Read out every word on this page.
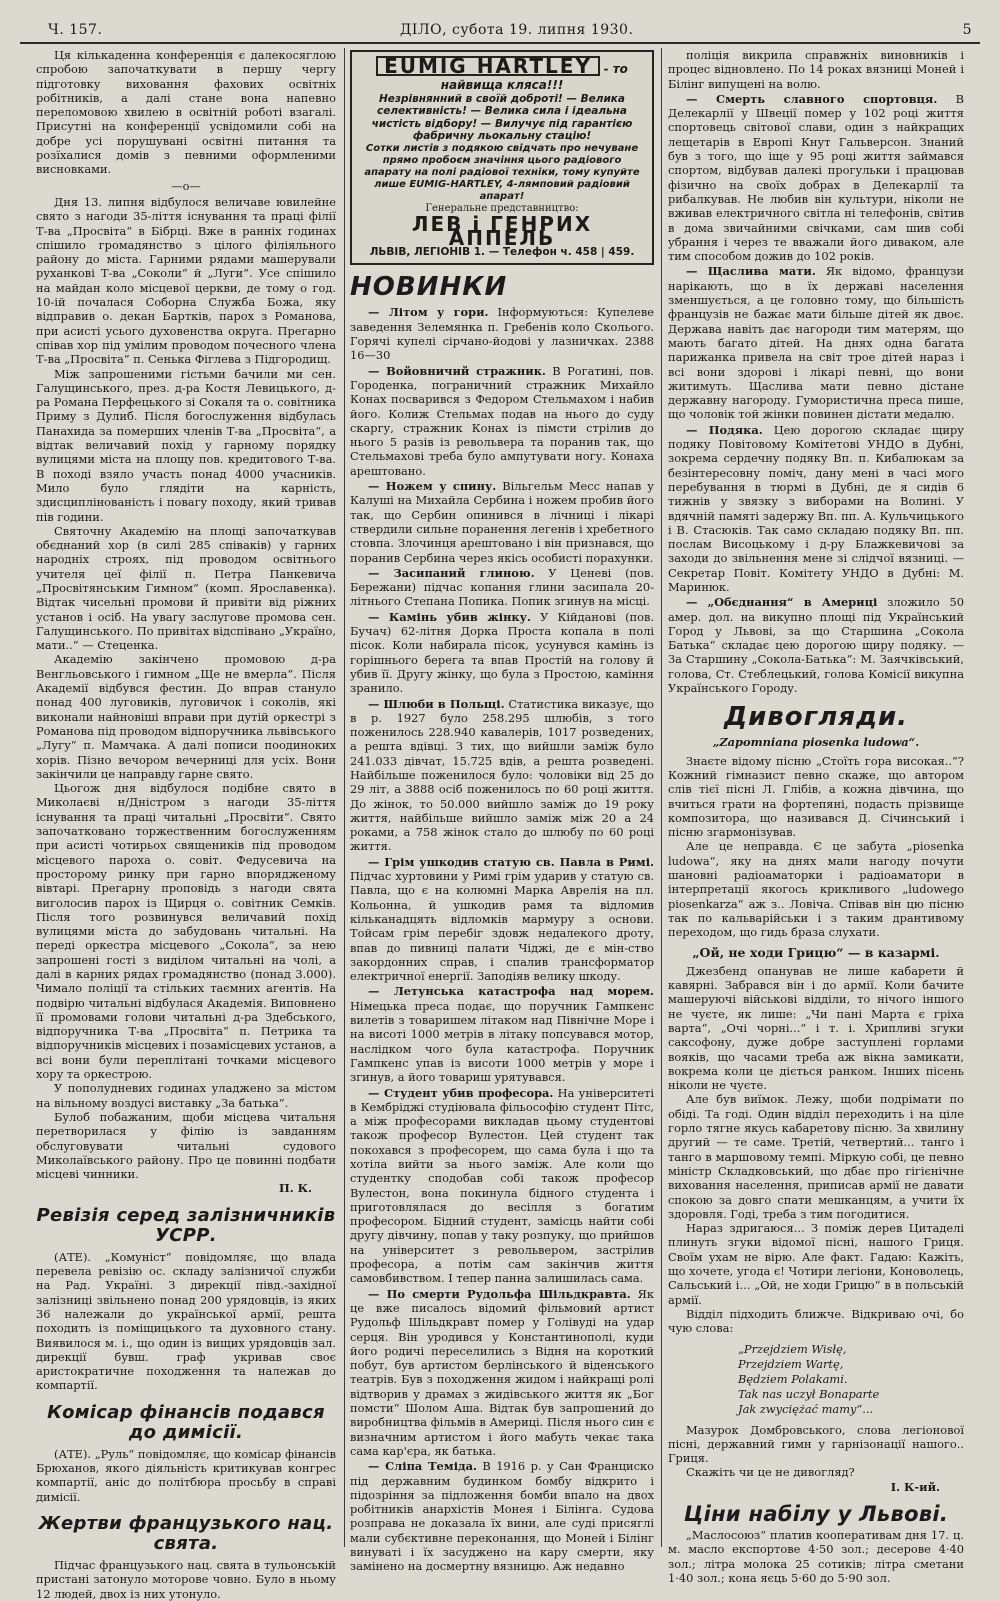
Ч. 157.	ДІЛО, субота 19. липня 1930.	5

Ця кількаденна конференція є далекосяглою спробою започаткувати в першу чергу підготовку виховання фахових освітніх робітників, а далі стане вона напевно переломовою хвилею в освітній роботі взагалі. Присутні на конференції усвідомили собі на добре усі порушувані освітні питання та розїхалися домів з певними оформленими висновками.

—о—

Дня 13. липня відбулося величаве ювилейне свято з нагоди 35-ліття існування та праці філії Т-ва „Просвіта“ в Бібрці. Вже в ранніх годинах спішило громадянство з цілого філіяльного району до міста. Гарними рядами машерували руханкові Т-ва „Соколи“ й „Луги“. Усе спішило на майдан коло місцевої церкви, де тому о год. 10-ій почалася Соборна Служба Божа, яку відправив о. декан Бартків, парох з Романова, при асисті усього духовенства округа. Прегарно співав хор під умілим проводом почесного члена Т-ва „Просвіта“ п. Сенька Фіглева з Підгородищ.

Між запрошеними гістьми бачили ми сен. Галущинського, през. д-ра Костя Левицького, д-ра Романа Перфецького зі Сокаля та о. совітника Приму з Дулиб. Після богослуження відбулась Панахида за померших членів Т-ва „Просвіта“, а відтак величавий похід у гарному порядку вулицями міста на площу пов. кредитового Т-ва. В поході взяло участь понад 4000 учасників. Мило було глядіти на карність, здисциплінованість і повагу походу, який тривав пів години.

Святочну Академію на площі започаткував обєднаний хор (в силі 285 співаків) у гарних народніх строях, під проводом освітнього учителя цеї філії п. Петра Панкевича „Просвітянським Гимном“ (комп. Ярославенка). Відтак чисельні промови й привіти від ріжних установ і осіб. На увагу заслугове промова сен. Галущинського. По привітах відспівано „Україно, мати..“ — Стеценка.

Академію закінчено промовою д-ра Венгльовського і гимном „Ще не вмерла“. Після Академії відбувся фестин. До вправ стануло понад 400 луговиків, луговичок і соколів, які виконали найновіші вправи при дутій оркестрі з Романова під проводом відпоручника львівського „Лугу“ п. Мамчака. А далі пописи поодиноких хорів. Пізно вечором вечерниці для усіх. Вони закінчили це направду гарне свято.

Цьогож дня відбулося подібне свято в Миколаєві н/Дністром з нагоди 35-ліття існування та праці читальні „Просвіти“. Свято започатковано торжественним богослуженням при асисті чотирьох священиків під проводом місцевого пароха о. совіт. Федусевича на просторому ринку при гарно впорядженому вівтарі. Прегарну проповідь з нагоди свята виголосив парох із Щирця о. совітник Семків. Після того розвинувся величавий похід вулицями міста до забудовань читальні. На переді оркестра місцевого „Сокола“, за нею запрошені гості з виділом читальні на чолі, а далі в карних рядах громадянство (понад 3.000). Чимало поліції та стільких таємних агентів. На подвірю читальні відбулася Академія. Виповнено її промовами голови читальні д-ра Здебського, відпоручника Т-ва „Просвіта“ п. Петрика та відпоручників місцевих і позамісцевих установ, а всі вони були переплітані точками місцевого хору та оркестрою.

У пополудневих годинах уладжено за містом на вільному воздусі виставку „За батька“.

Булоб побажаним, щоби місцева читальня перетворилася у філію із завданням обслуговувати читальні судового Миколаївського району. Про це повинні подбати місцеві чинники.

П. К.

Ревізія серед залізничників УСРР.

(АТЕ). „Комуніст“ повідомляє, що влада перевела ревізію ос. складу залізничої служби на Рад. Україні. З дирекції півд.-західної залізниці звільнено понад 200 урядовців, із яких 36 належали до української армії, решта походить із поміщицького та духовного стану. Виявилося м. і., що один із вищих урядовців зал. дирекції бувш. граф укривав своє аристократичне походження та належав до компартії.

Комісар фінансів подався до димісії.

(АТЕ). „Руль“ повідомляє, що комісар фінансів Брюханов, якого діяльність критикував конгрес компартії, аніс до політбюра просьбу в справі димісії.

Жертви французького нац. свята.

Підчас французького нац. свята в тульонській пристані затонуло моторове човно. Було в ньому 12 людей, двох із них утонуло.

EUMIG HARTLEY - то найвища кляса!!!
Незрівнянний в своїй доброті! — Велика селективність! — Велика сила і ідеальна чистість відбору! — Вилучує під гарантією фабричну льокальну стацію!
Сотки листів з подякою свідчать про нечуване прямо пробоєм значіння цього радіового апарату на полі радіової техніки, тому купуйте лише EUMIG-HARTLEY, 4-лямповий радіовий апарат!
Генеральне представництво:
ЛЕВ і ГЕНРИХ АППЕЛЬ
ЛЬВІВ, ЛЕГІОНІВ 1. — Телефон ч. 458 | 459.
НОВИНКИ

— Літом у гори. Інформуються: Купелеве заведення Зелемянка п. Гребенів коло Сколього. Горячі купелі сірчано-йодові у лазничках. 2388 16—30

— Войовничий стражник. В Рогатині, пов. Городенка, пограничний стражник Михайло Конах посварився з Федором Стельмахом і набив його. Колиж Стельмах подав на нього до суду скаргу, стражник Конах із пімсти стрілив до нього 5 разів із револьвера та поранив так, що Стельмахові треба було ампутувати ногу. Конаха арештовано.

— Ножем у спину. Вільгельм Месс напав у Калуші на Михайла Сербина і ножем пробив його так, що Сербин опинився в лічниці і лікарі ствердили сильне поранення легенів і хребетного стовпа. Злочинця арештовано і він признався, що поранив Сербина через якісь особисті порахунки.

— Засипаний глиною. У Ценеві (пов. Бережани) підчас копання глини засипала 20-літнього Степана Попика. Попик згинув на місці.

— Камінь убив жінку. У Кійданові (пов. Бучач) 62-літня Дорка Проста копала в полі пісок. Коли набирала пісок, усунувся камінь із горішнього берега та впав Простій на голову й убив її. Другу жінку, що була з Простою, каміння зранило.

— Шлюби в Польщі. Статистика виказує, що в р. 1927 було 258.295 шлюбів, з того поженилось 228.940 кавалерів, 1017 розведених, а решта вдівці. З тих, що вийшли заміж було 241.033 дівчат, 15.725 вдів, а решта розведені. Найбільше поженилося було: чоловіки від 25 до 29 літ, а 3888 осіб поженилось по 60 році життя. До жінок, то 50.000 вийшло заміж до 19 року життя, найбільше вийшло заміж між 20 а 24 роками, а 758 жінок стало до шлюбу по 60 році життя.

— Грім ушкодив статую св. Павла в Римі. Підчас хуртовини у Римі грім ударив у статую св. Павла, що є на колюмні Марка Аврелія на пл. Кольонна, й ушкодив рамя та відломив кільканадцять відломків мармуру з основи. Тойсам грім перебіг здовж недалекого дроту, впав до пивниці палати Чіджі, де є мін-ство закордонних справ, і спалив трансформатор електричної енергії. Заподіяв велику шкоду.

— Летунська катастрофа над морем. Німецька преса подає, що поручник Гампкенс вилетів з товаришем літаком над Північне Море і на висоті 1000 метрів в літаку попсувався мотор, наслідком чого була катастрофа. Поручник Гампкенс упав із висоти 1000 метрів у море і згинув, а його товариш урятувався.

— Студент убив професора. На університеті в Кембріджі студіювала фільософію студент Пітс, а між професорами викладав цьому студентові також професор Вулестон. Цей студент так покохався з професорем, що сама була і що та хотіла вийти за нього заміж. Але коли що студентку сподобав собі також професор Вулестон, вона покинула бідного студента і приготовлялася до весілля з богатим професором. Бідний студент, замісць найти собі другу дівчину, попав у таку розпуку, що прийшов на університет з револьвером, застрілив професора, а потім сам закінчив життя самовбивством. І тепер панна залишилась сама.

— По смерти Рудольфа Шільдкравта. Як це вже писалось відомий фільмовий артист Рудольф Шільдкравт помер у Голівуді на удар серця. Він уродився у Константинополі, куди його родичі переселились з Відня на короткий побут, був артистом берлінського й віденського театрів. Був з походження жидом і найкращі ролі відтворив у драмах з жидівського життя як „Бог помсти“ Шолом Аша. Відтак був запрошений до виробництва фільмів в Америці. Після нього син є визначним артистом і його мабуть чекає така сама кар'єра, як батька.

— Сліпа Теміда. В 1916 р. у Сан Франциско під державним будинком бомбу відкрито і підозріння за підложення бомби впало на двох робітників анархістів Монея і Білінга. Судова розправа не доказала їх вини, але суді присяглі мали субєктивне переконання, що Моней і Білінг винуваті і їх засуджено на кару смерти, яку замінено на досмертну вязницю. Аж недавно

поліція викрила справжніх виновників і процес відновлено. По 14 роках вязниці Моней і Білінг випущені на волю.

— Смерть славного спортовця. В Делекарлії у Швеції помер у 102 році життя спортовець світової слави, один з найкращих лещетарів в Европі Кнут Гальверсон. Знаний був з того, що іще у 95 році життя займався спортом, відбував далекі прогульки і працював фізично на своїх добрах в Делекарлії та рибалкував. Не любив він культури, ніколи не вживав електричного світла ні телефонів, світив в дома звичайними свічками, сам шив собі убрання і через те вважали його дивaком, але тим способом дожив до 102 років.

— Щаслива мати. Як відомо, французи нарікають, що в їх державі населення зменшується, а це головно тому, що більшість французів не бажає мати більше дітей як двоє. Держава навіть дає нагороди тим матерям, що мають багато дітей. На днях одна багата парижанка привела на світ трое дітей нараз і всі вони здорові і лікарі певні, що вони житимуть. Щаслива мати певно дістане державну нагороду. Гумористична преса пише, що чоловік той жінки повинен дістати медалю.

— Подяка. Цею дорогою складає щиру подяку Повітовому Комітетові УНДО в Дубні, зокрема сердечну подяку Вп. п. Кибалюкам за безінтересовну поміч, дану мені в часі мого перебування в тюрмі в Дубні, де я сидів 6 тижнів у звязку з виборами на Волині. У вдячній памяті задержу Вп. пп. А. Кульчицького і В. Стасюків. Так само складаю подяку Вп. пп. послам Висоцькому і д-ру Блажкевичові за заходи до звільнення мене зі слідчої вязниці. — Секретар Повіт. Комітету УНДО в Дубні: М. Маринюк.

— „Обєднання“ в Америці зложило 50 амер. дол. на викупно площі під Український Город у Львові, за що Старшина „Сокола Батька“ складає цею дорогою щиру подяку. — За Старшину „Сокола-Батька“: М. Заячківський, голова, Ст. Стеблецький, голова Комісії викупна Українського Городу.

Дивогляди.

„Zapomniana piosenka ludowa“.

Знаєте відому пісню „Стоїть гора високая..“? Кожний гімназист певно скаже, що автором слів тієї пісні Л. Глібів, а кожна дівчина, що вчиться грати на фортепяні, подасть прізвище композитора, що називався Д. Січинський і пісню згармонізував.

Але це неправда. Є це забута „piosenka ludowa“, яку на днях мали нагоду почути шановні радіоаматорки і радіоаматори в інтерпретації якогось крикливого „ludowego piosenkarza“ аж з.. Ловіча. Співав він цю пісню так по кальварійськи і з таким дрантивому переходом, що гидь браза слухати.

„Ой, не ходи Грицю“ — в казармі.

Джезбенд опанував не лише кабарети й кавярні. Забрався він і до армії. Коли бачите машеруючі військові відділи, то нічого іншого не чуєте, як лише: „Чи пані Марта є гріха варта“, „Очі чорні...“ і т. і. Хрипливі згуки саксофону, дуже добре заступлені горлами вояків, що часами треба аж вікна замикати, вокрема коли це діється ранком. Інших пісень ніколи не чуєте.

Але був виїмок. Лежу, щоби подрімати по обіді. Та годі. Один відділ переходить і на ціле горло тягне якусь кабаретову пісню. За хвилину другий — те саме. Третій, четвертий... танго і танго в маршовому темпі. Міркую собі, це певно міністр Складковський, що дбає про гігієнічне виховання населення, приписав армії не давати спокою за довго спати мешканцям, а учити їх здоровля. Годі, треба з тим погодитися.

Нараз здригаюся... З поміж дерев Цитаделі плинуть згуки відомої пісні, нашого Гриця. Своїм ухам не вірю. Але факт. Гадаю: Кажіть, що хочете, угода є! Чотири легіони, Коноволець, Сальський і... „Ой, не ходи Грицю“ в в польській армії.

Відділ підходить ближче. Відкриваю очі, бо чую слова:

„Przejdziem Wisłę,
Przejdziem Wartę,
Będziem Polakami.
Tak nas uczył Bonaparte
Jak zwyciężać mamy“...

Мазурок Домбровського, слова легіонової пісні, державний гимн у гарнізонації нашого.. Гриця.

Скажіть чи це не дивогляд?

І. К-ий.

Ціни набілу у Львові.

„Маслосоюз“ платив кооперативам дня 17. ц. м. масло експортове 4·50 зол.; десерове 4·40 зол.; літра молока 25 сотиків; літра сметани 1·40 зол.; кона яєць 5·60 до 5·90 зол.
